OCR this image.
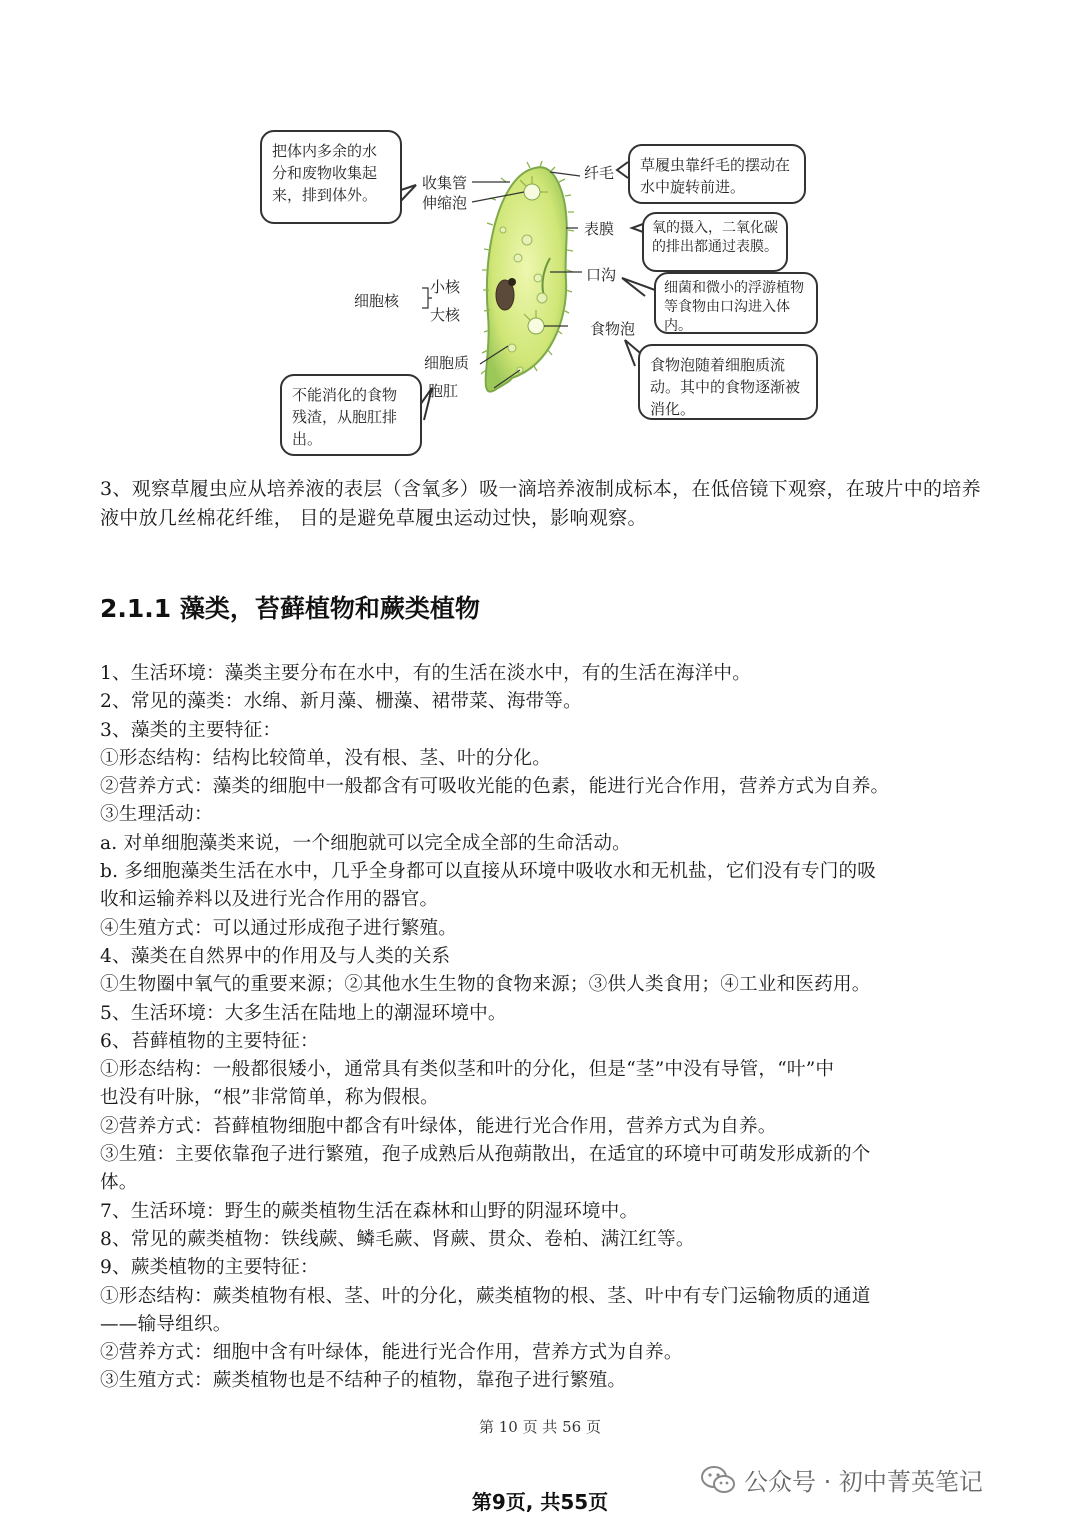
把体内多余的水分和废物收集起来，排到体外。
草履虫靠纤毛的摆动在水中旋转前进。
氧的摄入，二氧化碳的排出都通过表膜。
细菌和微小的浮游植物等食物由口沟进入体内。
食物泡随着细胞质流动。其中的食物逐渐被消化。
不能消化的食物残渣，从胞肛排出。
收集管
伸缩泡
纤毛
表膜
口沟
细胞核
小核
大核
食物泡
细胞质
胞肛

3、观察草履虫应从培养液的表层（含氧多）吸一滴培养液制成标本，在低倍镜下观察，在玻片中的培养液中放几丝棉花纤维， 目的是避免草履虫运动过快，影响观察。

2.1.1 藻类，苔藓植物和蕨类植物
1、生活环境：藻类主要分布在水中，有的生活在淡水中，有的生活在海洋中。
2、常见的藻类：水绵、新月藻、栅藻、裙带菜、海带等。
3、藻类的主要特征：
①形态结构：结构比较简单，没有根、茎、叶的分化。
②营养方式：藻类的细胞中一般都含有可吸收光能的色素，能进行光合作用，营养方式为自养。
③生理活动：
a. 对单细胞藻类来说，一个细胞就可以完全成全部的生命活动。
b. 多细胞藻类生活在水中，几乎全身都可以直接从环境中吸收水和无机盐，它们没有专门的吸
收和运输养料以及进行光合作用的器官。
④生殖方式：可以通过形成孢子进行繁殖。
4、藻类在自然界中的作用及与人类的关系
①生物圈中氧气的重要来源；②其他水生生物的食物来源；③供人类食用；④工业和医药用。
5、生活环境：大多生活在陆地上的潮湿环境中。
6、苔藓植物的主要特征：
①形态结构：一般都很矮小，通常具有类似茎和叶的分化，但是“茎”中没有导管，“叶”中
也没有叶脉，“根”非常简单，称为假根。
②营养方式：苔藓植物细胞中都含有叶绿体，能进行光合作用，营养方式为自养。
③生殖：主要依靠孢子进行繁殖，孢子成熟后从孢蒴散出，在适宜的环境中可萌发形成新的个
体。
7、生活环境：野生的蕨类植物生活在森林和山野的阴湿环境中。
8、常见的蕨类植物：铁线蕨、鳞毛蕨、肾蕨、贯众、卷柏、满江红等。
9、蕨类植物的主要特征：
①形态结构：蕨类植物有根、茎、叶的分化，蕨类植物的根、茎、叶中有专门运输物质的通道
——输导组织。
②营养方式：细胞中含有叶绿体，能进行光合作用，营养方式为自养。
③生殖方式：蕨类植物也是不结种子的植物，靠孢子进行繁殖。
第 10 页 共 56 页
公众号 · 初中菁英笔记
第9页, 共55页
